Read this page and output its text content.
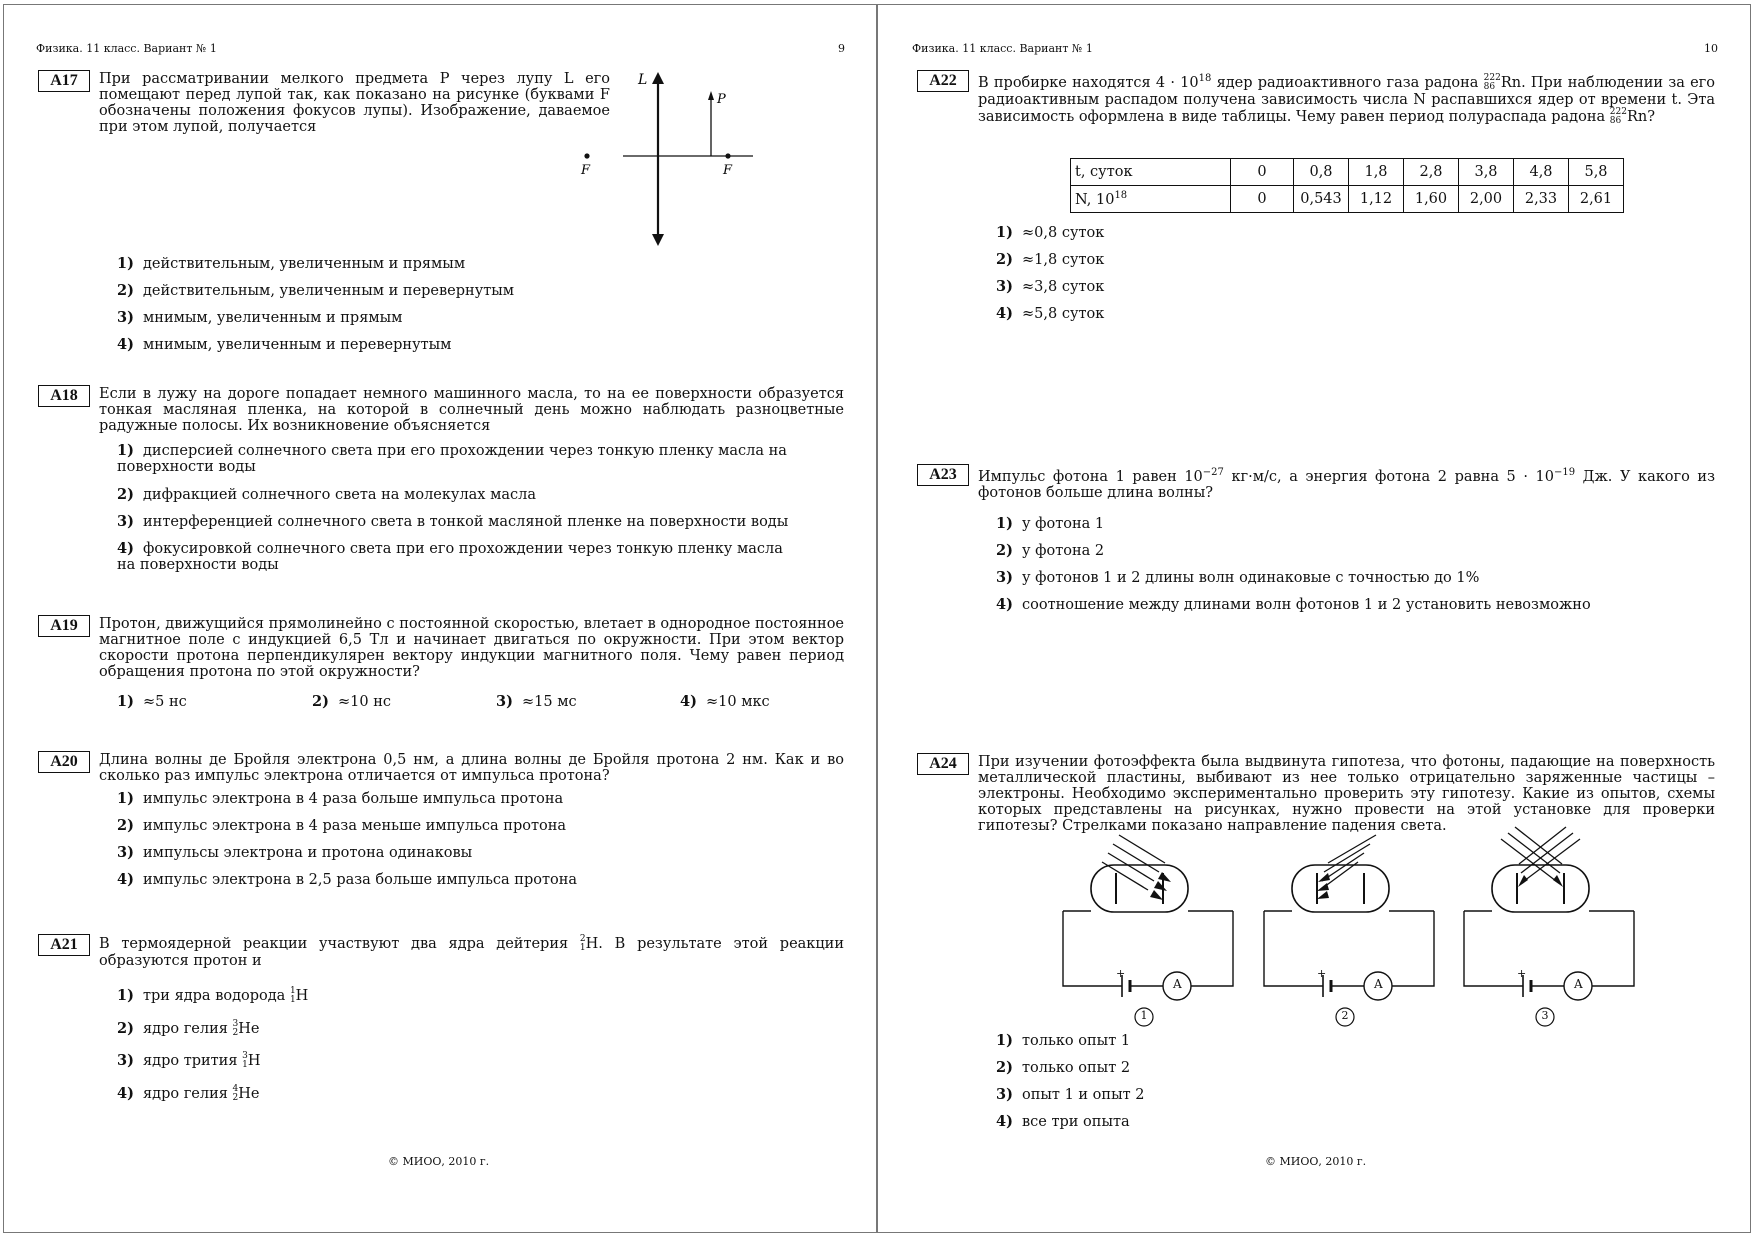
Физика. 11 класс. Вариант № 1	9
A17	При рассматривании мелкого предмета P через лупу L его помещают перед лупой так, как показано на рисунке (буквами F обозначены положения фокусов лупы). Изображение, даваемое при этом лупой, получается
L
P
F	F
1) действительным, увеличенным и прямым
2) действительным, увеличенным и перевернутым
3) мнимым, увеличенным и прямым
4) мнимым, увеличенным и перевернутым
A18	Если в лужу на дороге попадает немного машинного масла, то на ее поверхности образуется тонкая масляная пленка, на которой в солнечный день можно наблюдать разноцветные радужные полосы. Их возникновение объясняется
1) дисперсией солнечного света при его прохождении через тонкую пленку масла на поверхности воды
2) дифракцией солнечного света на молекулах масла
3) интерференцией солнечного света в тонкой масляной пленке на поверхности воды
4) фокусировкой солнечного света при его прохождении через тонкую пленку масла на поверхности воды
A19	Протон, движущийся прямолинейно с постоянной скоростью, влетает в однородное постоянное магнитное поле с индукцией 6,5 Тл и начинает двигаться по окружности. При этом вектор скорости протона перпендикулярен вектору индукции магнитного поля. Чему равен период обращения протона по этой окружности?
1) ≈5 нс	2) ≈10 нс	3) ≈15 мс	4) ≈10 мкс
A20	Длина волны де Бройля электрона 0,5 нм, а длина волны де Бройля протона 2 нм. Как и во сколько раз импульс электрона отличается от импульса протона?
1) импульс электрона в 4 раза больше импульса протона
2) импульс электрона в 4 раза меньше импульса протона
3) импульсы электрона и протона одинаковы
4) импульс электрона в 2,5 раза больше импульса протона
A21	В термоядерной реакции участвуют два ядра дейтерия 2
1 H. В результате этой реакции образуются протон и
1) три ядра водорода 1
1 H
2) ядро гелия 3
2 He
3) ядро трития 3
1 H
4) ядро гелия 4
2 He
© МИОО, 2010 г.
Физика. 11 класс. Вариант № 1	10
A22	В пробирке находятся $4 \cdot 10^{18}$ ядер радиоактивного газа радона 222
86 Rn. При наблюдении за его радиоактивным распадом получена зависимость числа N распавшихся ядер от времени t. Эта зависимость оформлена в виде таблицы. Чему равен период полураспада радона 222
86 Rn?
t, суток	0	0,8	1,8	2,8	3,8	4,8	5,8
N, $10^{18}$	0	0,543	1,12	1,60	2,00	2,33	2,61
1) ≈0,8 суток
2) ≈1,8 суток
3) ≈3,8 суток
4) ≈5,8 суток
A23	Импульс фотона 1 равен $10^{-27}$ кг·м/с, а энергия фотона 2 равна $5 \cdot 10^{-19}$ Дж. У какого из фотонов больше длина волны?
1) у фотона 1
2) у фотона 2
3) у фотонов 1 и 2 длины волн одинаковые с точностью до 1%
4) соотношение между длинами волн фотонов 1 и 2 установить невозможно
A24	При изучении фотоэффекта была выдвинута гипотеза, что фотоны, падающие на поверхность металлической пластины, выбивают из нее только отрицательно заряженные частицы – электроны. Необходимо экспериментально проверить эту гипотезу. Какие из опытов, схемы которых представлены на рисунках, нужно провести на этой установке для проверки гипотезы? Стрелками показано направление падения света.
+
A
1
+
A
2
+
A
3
1) только опыт 1
2) только опыт 2
3) опыт 1 и опыт 2
4) все три опыта
© МИОО, 2010 г.
